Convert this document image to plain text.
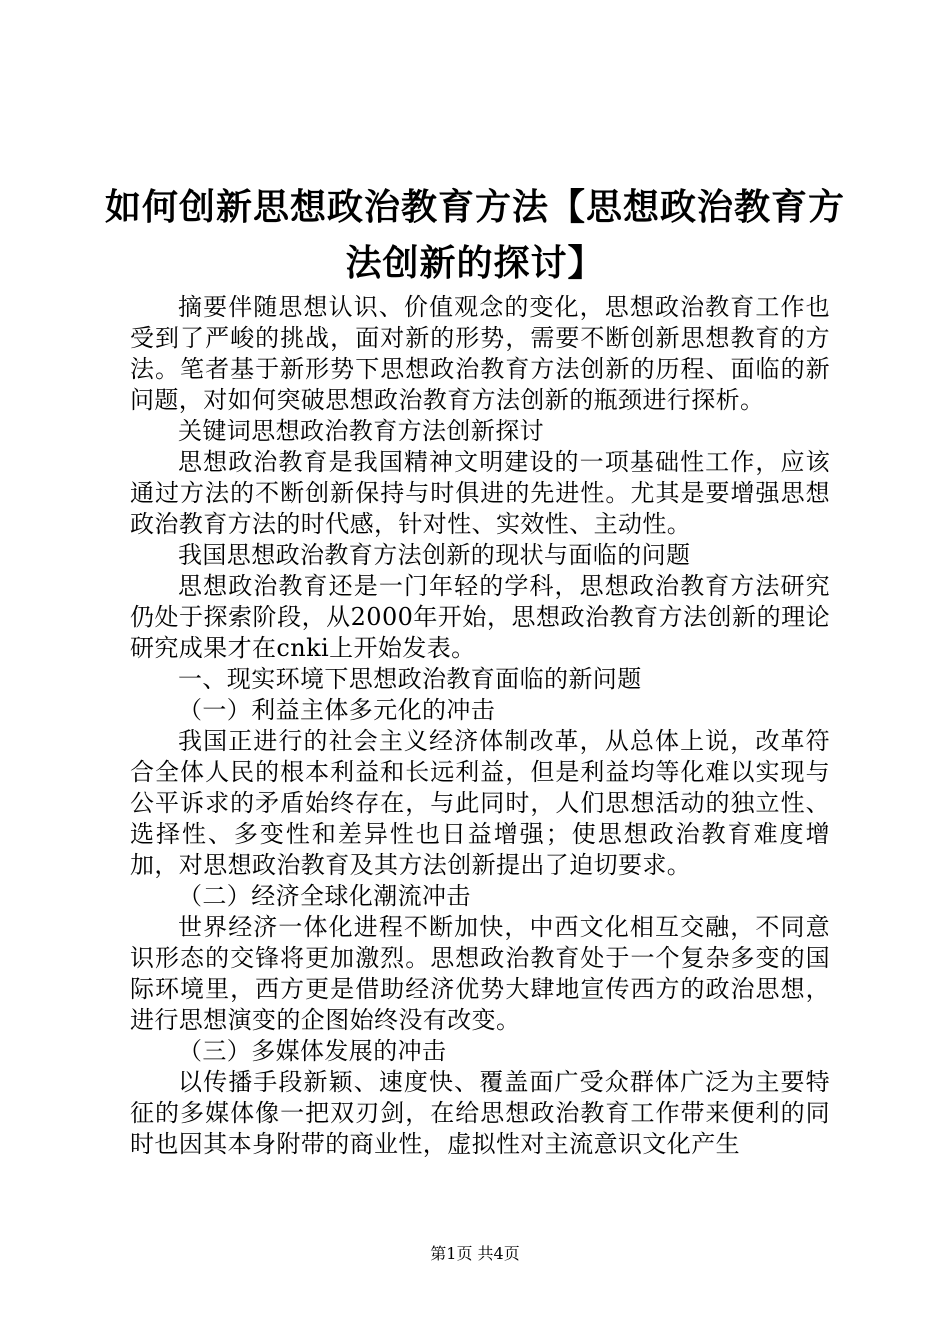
如何创新思想政治教育方法【思想政治教育方法创新的探讨】

摘要伴随思想认识、价值观念的变化，思想政治教育工作也受到了严峻的挑战，面对新的形势，需要不断创新思想教育的方法。笔者基于新形势下思想政治教育方法创新的历程、面临的新问题，对如何突破思想政治教育方法创新的瓶颈进行探析。

关键词思想政治教育方法创新探讨

思想政治教育是我国精神文明建设的一项基础性工作，应该通过方法的不断创新保持与时俱进的先进性。尤其是要增强思想政治教育方法的时代感，针对性、实效性、主动性。

我国思想政治教育方法创新的现状与面临的问题

思想政治教育还是一门年轻的学科，思想政治教育方法研究仍处于探索阶段，从2000年开始，思想政治教育方法创新的理论研究成果才在cnki上开始发表。

一、现实环境下思想政治教育面临的新问题

（一）利益主体多元化的冲击

我国正进行的社会主义经济体制改革，从总体上说，改革符合全体人民的根本利益和长远利益，但是利益均等化难以实现与公平诉求的矛盾始终存在，与此同时，人们思想活动的独立性、选择性、多变性和差异性也日益增强；使思想政治教育难度增加，对思想政治教育及其方法创新提出了迫切要求。

（二）经济全球化潮流冲击

世界经济一体化进程不断加快，中西文化相互交融，不同意识形态的交锋将更加激烈。思想政治教育处于一个复杂多变的国际环境里，西方更是借助经济优势大肆地宣传西方的政治思想，进行思想演变的企图始终没有改变。

（三）多媒体发展的冲击

以传播手段新颖、速度快、覆盖面广受众群体广泛为主要特征的多媒体像一把双刃剑，在给思想政治教育工作带来便利的同时也因其本身附带的商业性，虚拟性对主流意识文化产生

第1页 共4页
